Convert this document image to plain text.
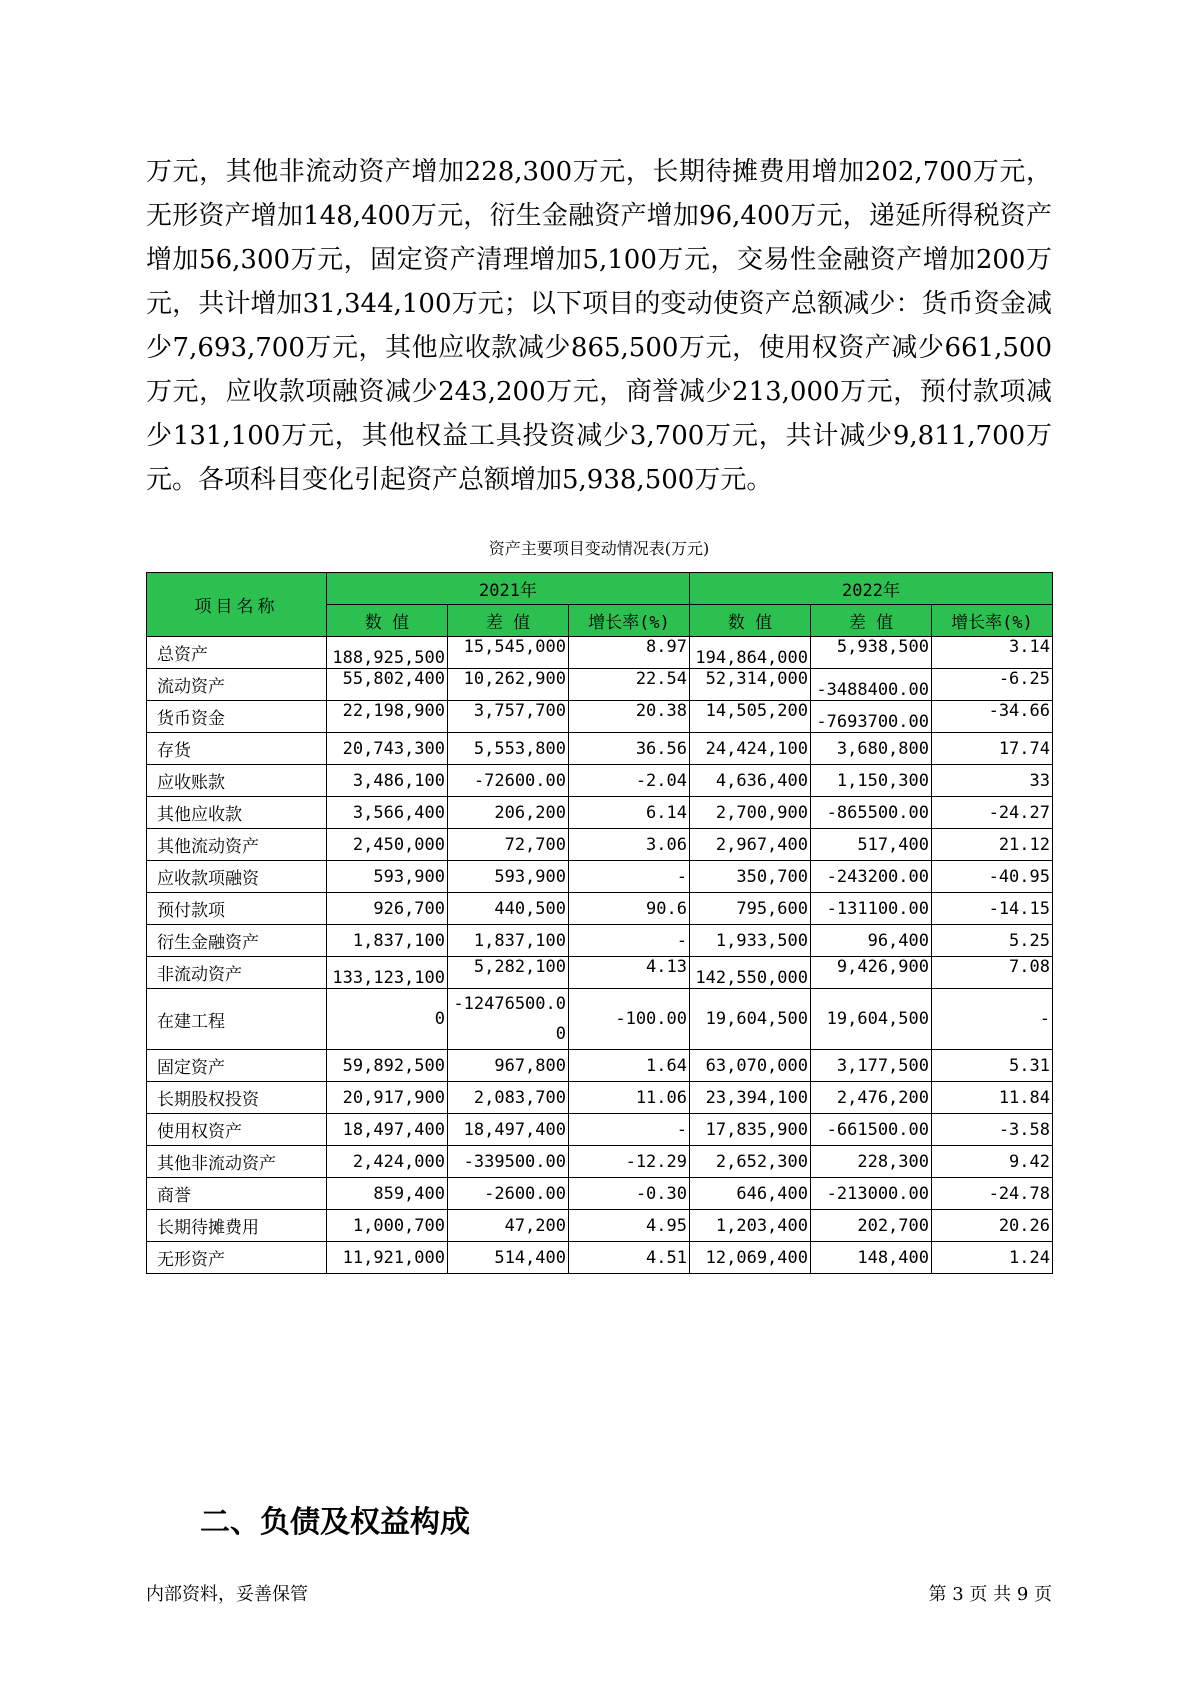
万元，其他非流动资产增加228,300万元，长期待摊费用增加202,700万元，无形资产增加148,400万元，衍生金融资产增加96,400万元，递延所得税资产增加56,300万元，固定资产清理增加5,100万元，交易性金融资产增加200万元，共计增加31,344,100万元；以下项目的变动使资产总额减少：货币资金减少7,693,700万元，其他应收款减少865,500万元，使用权资产减少661,500万元，应收款项融资减少243,200万元，商誉减少213,000万元，预付款项减少131,100万元，其他权益工具投资减少3,700万元，共计减少9,811,700万元。各项科目变化引起资产总额增加5,938,500万元。

资产主要项目变动情况表(万元)
项目名称	2021年			2022年		
	数 值	差 值	增长率(%)	数 值	差 值	增长率(%)
总资产	188,925,500	15,545,000	8.97	194,864,000	5,938,500	3.14
流动资产	55,802,400	10,262,900	22.54	52,314,000	-3488400.00	-6.25
货币资金	22,198,900	3,757,700	20.38	14,505,200	-7693700.00	-34.66
存货	20,743,300	5,553,800	36.56	24,424,100	3,680,800	17.74
应收账款	3,486,100	-72600.00	-2.04	4,636,400	1,150,300	33
其他应收款	3,566,400	206,200	6.14	2,700,900	-865500.00	-24.27
其他流动资产	2,450,000	72,700	3.06	2,967,400	517,400	21.12
应收款项融资	593,900	593,900	-	350,700	-243200.00	-40.95
预付款项	926,700	440,500	90.6	795,600	-131100.00	-14.15
衍生金融资产	1,837,100	1,837,100	-	1,933,500	96,400	5.25
非流动资产	133,123,100	5,282,100	4.13	142,550,000	9,426,900	7.08
在建工程	0	-12476500.00	-100.00	19,604,500	19,604,500	-
固定资产	59,892,500	967,800	1.64	63,070,000	3,177,500	5.31
长期股权投资	20,917,900	2,083,700	11.06	23,394,100	2,476,200	11.84
使用权资产	18,497,400	18,497,400	-	17,835,900	-661500.00	-3.58
其他非流动资产	2,424,000	-339500.00	-12.29	2,652,300	228,300	9.42
商誉	859,400	-2600.00	-0.30	646,400	-213000.00	-24.78
长期待摊费用	1,000,700	47,200	4.95	1,203,400	202,700	20.26
无形资产	11,921,000	514,400	4.51	12,069,400	148,400	1.24
二、负债及权益构成
内部资料，妥善保管	第 3 页 共 9 页
